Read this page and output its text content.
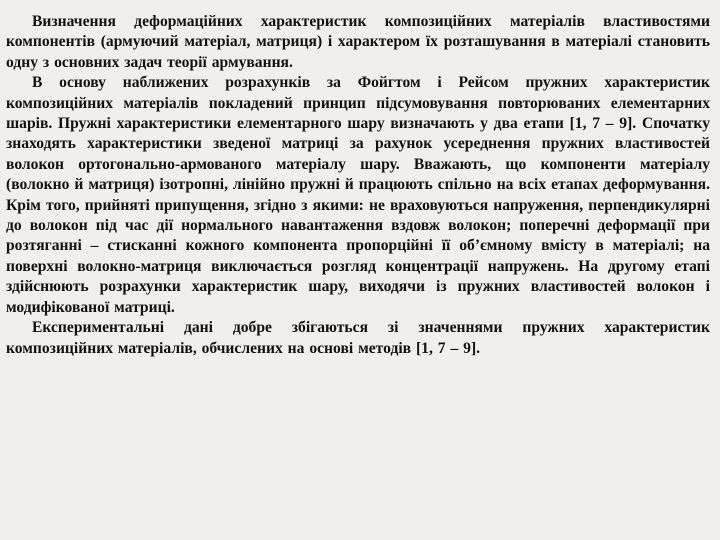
Визначення деформаційних характеристик композиційних матеріалів властивостями компонентів (армуючий матеріал, матриця) і характером їх розташування в матеріалі становить одну з основних задач теорії армування.

В основу наближених розрахунків за Фойгтом і Рейсом пружних характеристик композиційних матеріалів покладений принцип підсумовування повторюваних елементарних шарів. Пружні характеристики елементарного шару визначають у два етапи [1, 7 – 9]. Спочатку знаходять характеристики зведеної матриці за рахунок усереднення пружних властивостей волокон ортогонально-армованого матеріалу шару. Вважають, що компоненти матеріалу (волокно й матриця) ізотропні, лінійно пружні й працюють спільно на всіх етапах деформування. Крім того, прийняті припущення, згідно з якими: не враховуються напруження, перпендикулярні до волокон під час дії нормального навантаження вздовж волокон; поперечні деформації при розтяганні – стисканні кожного компонента пропорційні її об’ємному вмісту в матеріалі; на поверхні волокно-матриця виключається розгляд концентрації напружень. На другому етапі здійснюють розрахунки характеристик шару, виходячи із пружних властивостей волокон і модифікованої матриці.

Експериментальні дані добре збігаються зі значеннями пружних характеристик композиційних матеріалів, обчислених на основі методів [1, 7 – 9].
